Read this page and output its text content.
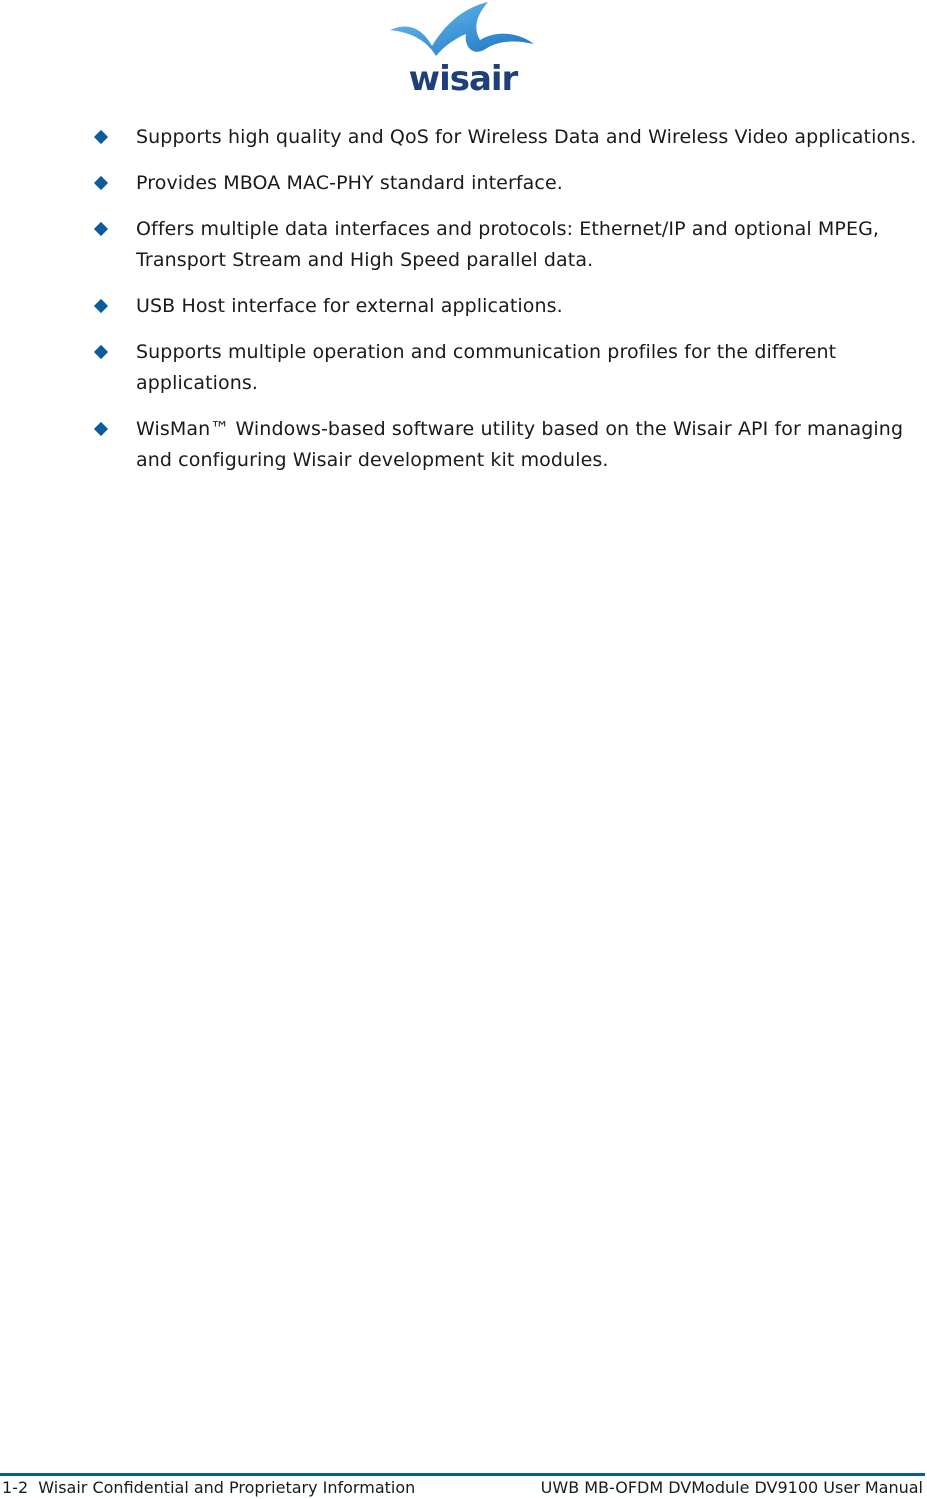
wisair
Supports high quality and QoS for Wireless Data and Wireless Video applications.
Provides MBOA MAC-PHY standard interface.
Offers multiple data interfaces and protocols: Ethernet/IP and optional MPEG, Transport Stream and High Speed parallel data.
USB Host interface for external applications.
Supports multiple operation and communication profiles for the different applications.
WisMan™ Windows-based software utility based on the Wisair API for managing and configuring Wisair development kit modules.
1-2  Wisair Confidential and Proprietary Information	UWB MB-OFDM DVModule DV9100 User Manual
